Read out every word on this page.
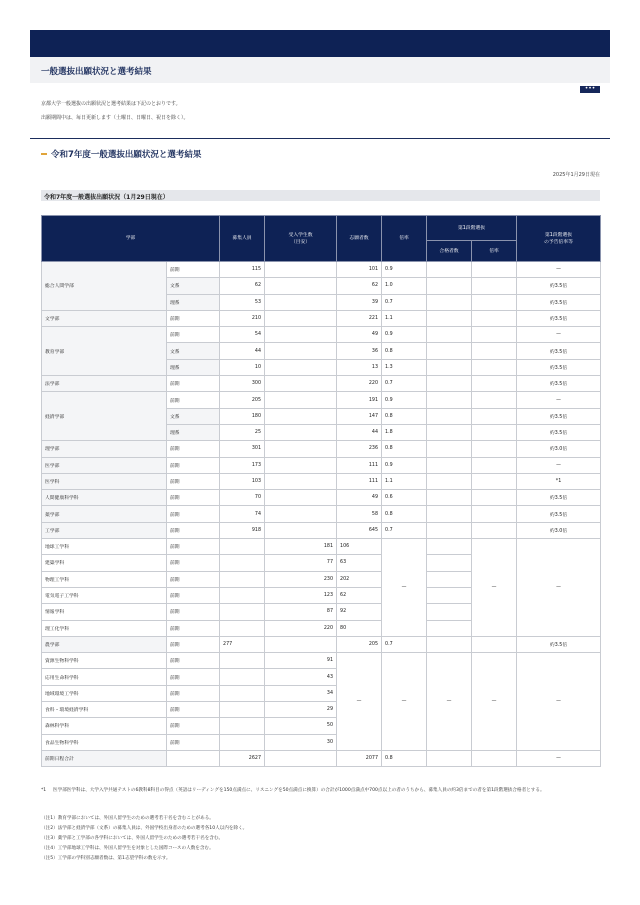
一般選抜出願状況と選考結果
•••
京都大学一般選抜の出願状況と選考結果は下記のとおりです。
出願期間中は、毎日更新します（土曜日、日曜日、祝日を除く）。
令和7年度一般選抜出願状況と選考結果
2025年1月29日現在
令和7年度一般選抜出願状況（1月29日現在）
学部		募集人員	受入学生数
（目安）	志願者数	倍率	第1段階選抜		第1段階選抜
の予告倍率等
						合格者数	倍率	
総合人間学部	前期	115		101	0.9			—
	文系	62		62	1.0			約3.5倍
	理系	53		39	0.7			約3.5倍
文学部	前期	210		221	1.1			約3.5倍
教育学部	前期	54		49	0.9			—
	文系	44		36	0.8			約3.5倍
	理系	10		13	1.3			約3.5倍
法学部	前期	300		220	0.7			約3.5倍
経済学部	前期	205		191	0.9			—
	文系	180		147	0.8			約3.5倍
	理系	25		44	1.8			約3.5倍
理学部	前期	301		236	0.8			約3.0倍
医学部	前期	173		111	0.9			—
医学科	前期	103		111	1.1			*1
人間健康科学科	前期	70		49	0.6			約3.5倍
薬学部	前期	74		58	0.8			約3.5倍
工学部	前期	918		645	0.7			約3.0倍
地球工学科	前期		181	106	—		—	—
建築学科	前期		77	63				
物理工学科	前期		230	202				
電気電子工学科	前期		123	62				
情報学科	前期		87	92				
理工化学科	前期		220	80				
農学部	前期	277		205	0.7			約3.5倍
資源生物科学科	前期		91	—	—	—	—	—
応用生命科学科	前期		43					
地域環境工学科	前期		34					
食料・環境経済学科	前期		29					
森林科学科	前期		50					
食品生物科学科	前期		30					
前期日程合計		2627		2077	0.8			—
*1	医学部医学科は、大学入学共通テストの6教科8科目の得点（英語はリーディングを150点満点に、リスニングを50点満点に換算）の合計が1000点満点中700点以上の者のうちから、募集人員の約3倍までの者を第1段階選抜合格者とする。
（注1）教育学部においては、外国人留学生のための選考若干名を含むことがある。
（注2）法学部と経済学部（文系）の募集人員は、外国学校出身者のための選考各10人以内を除く。
（注3）薬学部と工学部の各学科においては、外国人留学生のための選考若干名を含む。
（注4）工学部地球工学科は、外国人留学生を対象とした国際コースの人数を含む。
（注5）工学部の学科別志願者数は、第1志望学科の数を示す。
